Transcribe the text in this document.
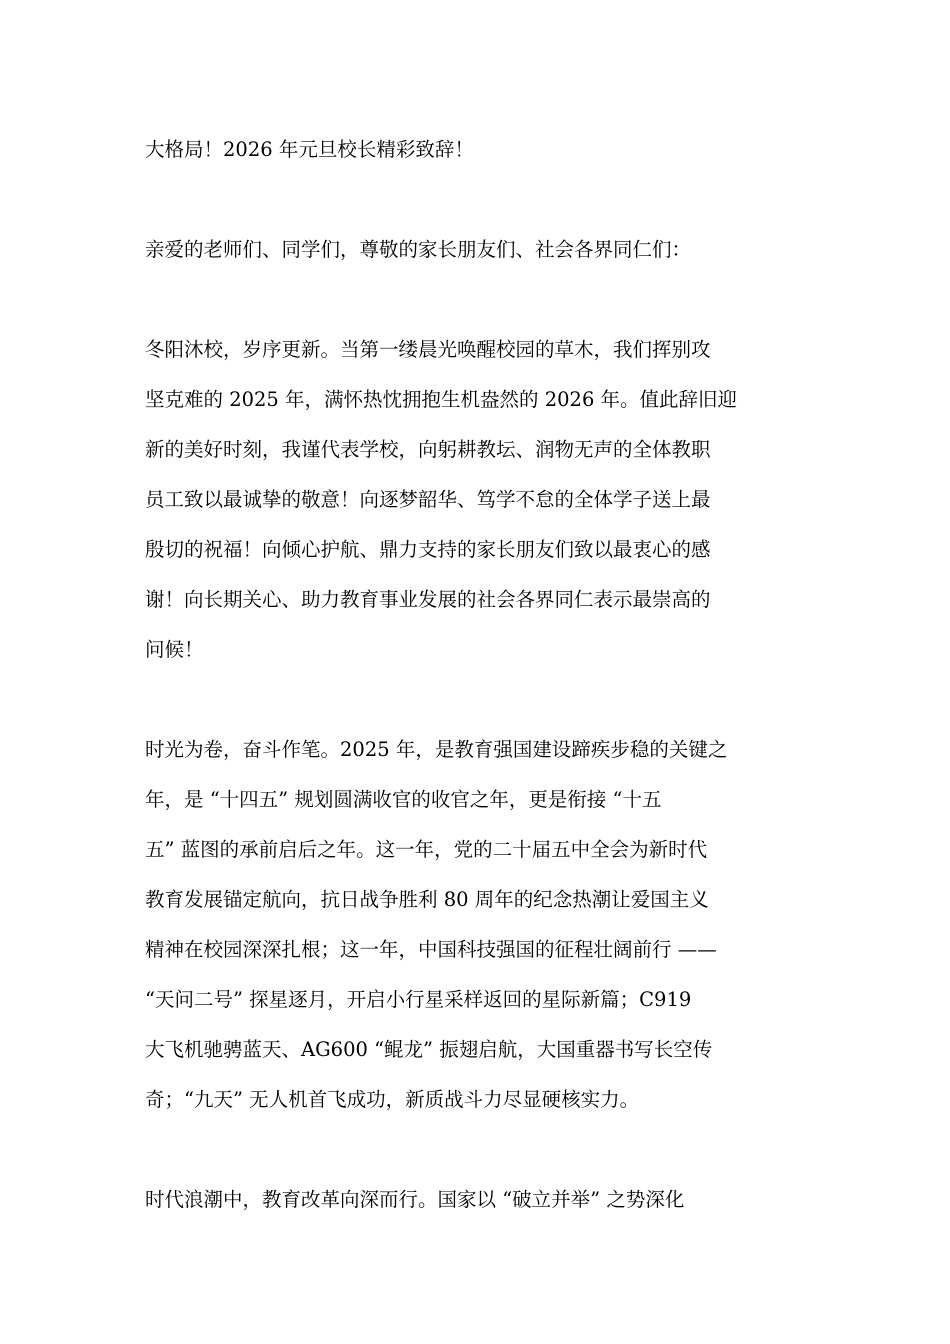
大格局！2026 年元旦校长精彩致辞！

亲爱的老师们、同学们，尊敬的家长朋友们、社会各界同仁们：

冬阳沐校，岁序更新。当第一缕晨光唤醒校园的草木，我们挥别攻
坚克难的 2025 年，满怀热忱拥抱生机盎然的 2026 年。值此辞旧迎
新的美好时刻，我谨代表学校，向躬耕教坛、润物无声的全体教职
员工致以最诚挚的敬意！向逐梦韶华、笃学不怠的全体学子送上最
殷切的祝福！向倾心护航、鼎力支持的家长朋友们致以最衷心的感
谢！向长期关心、助力教育事业发展的社会各界同仁表示最崇高的
问候！

时光为卷，奋斗作笔。2025 年，是教育强国建设蹄疾步稳的关键之
年，是 “十四五” 规划圆满收官的收官之年，更是衔接 “十五
五” 蓝图的承前启后之年。这一年，党的二十届五中全会为新时代
教育发展锚定航向，抗日战争胜利 80 周年的纪念热潮让爱国主义
精神在校园深深扎根；这一年，中国科技强国的征程壮阔前行 ——
“天问二号” 探星逐月，开启小行星采样返回的星际新篇；C919
大飞机驰骋蓝天、AG600 “鲲龙” 振翅启航，大国重器书写长空传
奇；“九天” 无人机首飞成功，新质战斗力尽显硬核实力。

时代浪潮中，教育改革向深而行。国家以 “破立并举” 之势深化
